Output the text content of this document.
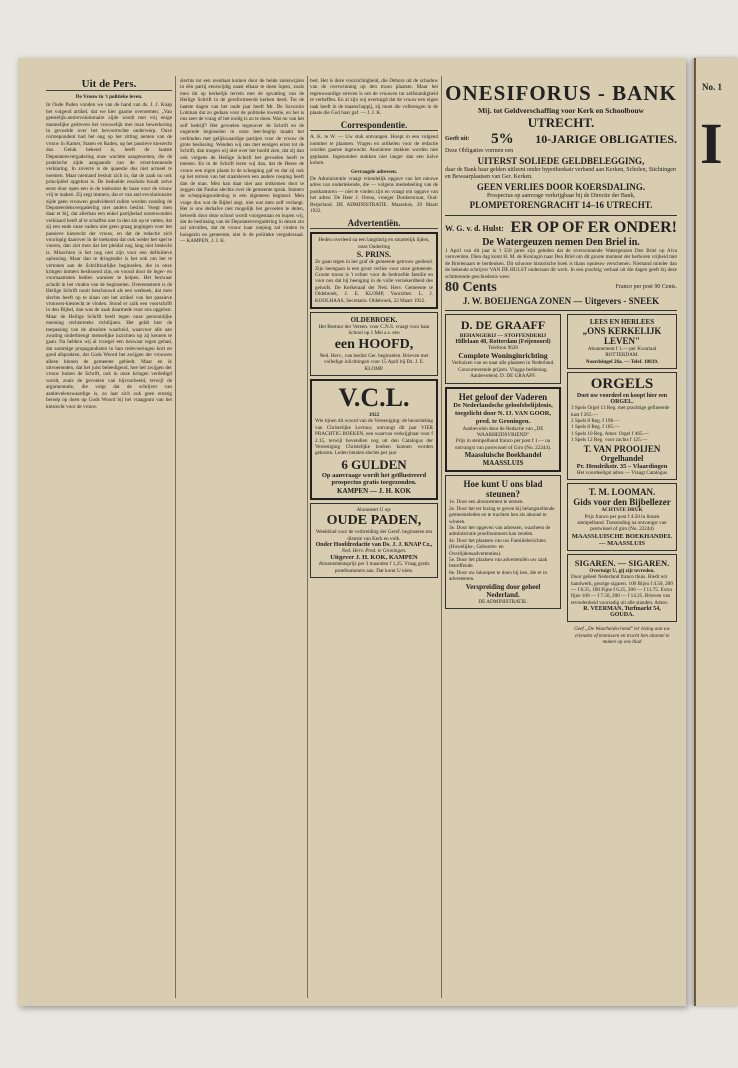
Uit de Pers.
De Vrouw in 't politieke leven.
In Oude Paden vonden we van de hand van ds. J. J. Knap het volgend artikel, dat we hier gaarne overnemen: „Van geestelijk-antirevolutionaire zijde wordt met vrij enige mannelijke gedreven het vrouwelijk met onze bewerkering in gevoelde over het bevoorrechte onderwerp. Onze correspondent had het ong op het zitting nemen van de vrouw in Kamer, Staten en Raden, op het passieve kiesrecht dus. Geluk bekend is, heeft de laatste Deputatensvergadering onze wachtte aangenomen, die de praktische zijde aangaande van de ernst-kennende verklaring. In zoverre is de quaestie dus niet actueel te noemen. Maar niemand besluit zich in, dat de zaak nu ook principiëel opgelost is. De bedoelde resolutie houdt zelve eerst door open een in de toekomst de baan voor de vrouw vrij te maken. Zij zegt immers, dat er van anti-revolutionaire zijde geen vrouwen geadvideerd zullen worden zonding de Deputeerdensvergadering niet anders beslist. Voegt men daar er bij, dat allerhan een enkel partijbelad onomwonden verklaard heeft af te schaffen niet in den zin op te vatten, dat zij een ende onze vaders niet geen graag pogingen voor het passieve kiesrecht der vrouw, en dat de redactie zich voorlopig daarover in de toekomst dat ook weder het spel te voeren, dan ziet men dat het pleidal nog lang niet beslecht is. Misschien is het nog niet zijn voor een definitieve oplossing. Maar dan te dringender is het ook om het te vertonen aan de Schriftuurlijke beginselen, die in onze kringen immers beslissend zijn, en vooral door de leger- en voornaamsten bedien wanneer te helpen. Het bezwaar schuilt in het vinden van de beginselen. Overeenstemt is de Heilige Schrift nooit beschouwd als een wetboek, dat men slechts heeft op te slaan om het artikel van het passieve vrouwen-kiesrecht te vinden. Stond er zulk een voorschrift in den Bijbel, dan was de zaak daarmede voor ons opgelost. Maar de Heilige Schrift heeft tegen onze persoonlijke meening rechtstreeks richtlijnen. Het geldt hier de toepassing van de absolute waarheid, waarvoor alle aan zwaling onderbrengt menselijke inzichten op zij kennen te gaan. Na hebben wij al vroeger een bezwaar tegen gehad, dat sommige propagandisten in hun redevoeringen kort en goed afsprakten, dat Gods Woord het zwijgen der vrouwen alleen binnen de gemeente gebiedt. Maar en ik uitvoerenden, dat het juist beleedigend, hoe het zwijgen der vrouw buiten de Schrift, ook in onze kringen verdedigd wordt, zoals de gevoelen van bijvoorbeeld, terwijl de argumentatie, die volgt dat de schrijver van aanbevelenswaardige is, zo laat zich ook geen ernstig beroep op doen op Gods Woord bij het vraagpunt van het kiesrecht voor de vrouw.
slechts tot een resultaat komen door de beide zienswijzen in één partij eenswijdig naast elkaar te doen lopen, zoals men dit op kerkelijk terrein met de opvatting van de Heilige Schrift in de gereformeerde kerken deed. Tot de laatste dagen van het oude jaar heeft Mr. De Savornin Lohman dat zo gedaan voor de politieke kwestie, en het is ons zeer de vraag of het nodig is zo te doen. Wat nu van het zelf bedrijf? Het gevoelen tegenover de Schrift en de ongerede beginselen in onze leer-begrip maakt het verbinden met gelijkwaardige partijen voor de vrouw de grote beslissing. Wenden wij ons met eenigen ernst tot de Schrift, dan mogen wij niet over het hoofd zien, dat zij dan ook volgens de Heilige Schrift het gevoelen heeft te toetsen. En in de Schrift leren wij dan, dat de Heere de vrouw een eigen plaats in de schepping gaf en dat zij ook op het terrein van het staatsleven een andere roeping heeft dan de man. Men kan daar niet aan ontkomen door te zeggen dat Paulus slechts over de gemeente sprak. Immers de scheppingsordening is een algemeen beginsel. Men vrage dus wat de Bijbel zegt, niet wat men zelf verlangt. Het is ons derhalve niet mogelijk het gevoelen te delen, hetwelk door deze school wordt voorgestaan en hopen wij, dat de beslissing van de Deputatenvergadering in dezen zin zal uitvallen, dat de vrouw haar roeping zal vinden in huisgezin en gemeente, niet in de politieke vergaderzaal. — KAMPEN, J. J. K.
bed. Het is deze voorzichtigheid, die Debora uit de schaduw van de overwinning op den troon plaatste. Maar het tegenwoordige streven is om de vrouwen tot zelfstandigheid te verheffen. En al zijn wij overtuigd dat de vrouw een eigen taak heeft in de maatschappij, zij moet die volbrengen in de plaats die God haar gaf. — J. J. K.
Correspondentie.
A. K. te W. — Uw stuk ontvangen. Hoopt in een volgend nummer te plaatsen. Vragen en artikelen voor de redactie worden gaarne ingewacht. Anonieme stukken worden niet geplaatst. Ingezonden stukken niet langer dan een halve kolom.
Gevraagde adressen.
De Administratie vraagt vriendelijk opgave van het nieuwe adres van ondertekende, die — volgens mededeeling van de postkantoren — niet te vinden zijn en vraagt om opgave van het adres: De Heer J. Oreus, vroeger Donkerstraat, Oud-Beijerland. DE ADMINISTRATIE. Maassluis, 29 Maart 1922.
Advertentiën.
Heden overleed na een langdurig en smartelijk lijden, onze Ouderling
S. PRINS.
Ze gaan tegen in het graf de gemeente getrouw gediend. Zijn heengaan is een groot verlies voor onze gemeente. Groote troost is 't echter voor de bedroefde familie en voor ons dat hij heenging in de volle verzekerdheid des geloofs. De Kerkeraad der Ned. Herv. Gemeente te Oldebroek, J. E. KLOMP, Voorzitter. L. J. KOOLHAAS, Secretaris. Oldebroek, 22 Maart 1922.
OLDEBROEK.
Het Bestuur der Vereen. voor C.N.S. vraagt voor haar School op 1 Mei a.s. een
een HOOFD,
Ned. Herv., van beslist Ger. beginselen. Brieven met volledige inlichtingen voor 15 April bij Ds. J. E. KLOMP.
V.C.L.
1922
Wie tijnen dit woord van de Vereeniging: de beoordeling van Christelijke Lectuur, ontvangt dit jaar VIER PRACHTIG BOEKEN, een waarvan verkrijgbaar voor f 2.15, terwijl bovendien nog uit den Catalogus der Vereeniging Christelijke boeken kunnen worden gekozen. Leden betalen slechts per jaar
6 GULDEN
Op aanvraage wordt het geïllustreerd prospectus gratis toegezonden.
KAMPEN — J. H. KOK
Abonneert U op:
OUDE PADEN,
Weekblad voor de verbreiding der Geref. beginselen ten dienste van Kerk en volk.
Onder Hoofdredactie van Ds. J. J. KNAP Cz.,
Ned. Herv. Pred. te Groningen.
Uitgever J. H. KOK, KAMPEN
Abonnementsprijs per 3 maanden f 1,25. Vraag gratis proefnummers aan. Dat komt U niets.
ONESIFORUS - BANK
Mij. tot Geldverschaffing voor Kerk en Schoolbouw
UTRECHT.
Geeft uit: 5% 10-JARIGE OBLIGATIES.
Deze Obligaties vormen een
UITERST SOLIEDE GELDBELEGGING,
daar de Bank haar gelden uitleent onder hypotheekair verband aan Kerken, Scholen, Stichtingen en Bewaarplaatsen van Ger. Kerken.
GEEN VERLIES DOOR KOERSDALING.
Prospectus op aanvrage verkrijgbaar bij de Directie der Bank,
PLOMPETORENGRACHT 14–16 UTRECHT.
W. G. v. d. Hulst: ER OP OF ER ONDER!
De Watergeuzen nemen Den Briel in.
1 April van dit jaar is 't 350 jaren zijn geleden dat de overwinnende Watergeuzen Den Briel op Alva veroverden. Dien dag komt H. M. de Koningin naar Den Briel om dit groote moment der herboren vrijheid met de Brielenaars te herdenken. Dit schoone historische boek is thans opnieuw verschenen. Niemand minder dan de bekende schrijver VAN DE HULST ondernam dit werk. In een prachtig verhaal uit die dagen geeft hij deze schitterende geschiedenis weer.
80 Cents	Franco per post 90 Cents.
J. W. BOEIJENGA ZONEN — Uitgevers - SNEEK
D. DE GRAAFF
BEHANGERIJ — STOFFENDERIJ
Hillelaan 48, Rotterdam (Feijenoord)
Telefoon 9620
Complete Woninginrichting
Verhuizen van en naar alle plaatsen in Nederland. Concurreerende prijzen. Vlugge bediening. Aanbevelend, D. DE GRAAFF.
Het geloof der Vaderen
De Nederlandsche geloofsbelijdenis, toegelicht door N. IJ. VAN GOOR, pred. te Groningen.
Aanbevolen door de Redactie van „DE WAARHEIDSVRIEND"
Prijs in stempelband franco per post f 1.— na ontvangst van postwissel of Giro (No. 22244).
Maassluische Boekhandel MAASSLUIS
Hoe kunt U ons blad steunen?
1e. Door een abonnement te nemen.
2e. Door het ter lezing te geven bij belangstellende gemeenteleden en te trachten hen als abonné te winnen.
3e. Door het opgeven van adressen, waarheen de administratie proefnummers kan zenden.
4e. Door het plaatsen van uw Familieberichten (Huwelijks-, Geboorte- en Overlijdensadvertenties).
5e. Door het plaatsen van advertentiën uw zaak betreffende.
6e. Door uw inkoopen te doen bij hen, die er in adverteeren.
Verspreiding door geheel Nederland.
DE ADMINISTRATIE.
LEES EN HERLEES
„ONS KERKELIJK LEVEN"
Abonnement f 1.— per Kwartaal ROTTERDAM.
Noordsingel 26a. — Telef. 10839.
ORGELS
Doet uw voordeel en koopt hier een ORGEL.
3 Spels Orgel 13 Reg. met prachtige gefineerde kast f 265.—
2 Spels 8 Reg. f 198.—
1 Spels 8 Reg. f 185.—
1 Spels 10 Reg. Amer. Orgel f 465.—
1 Spels 12 Reg. voor zachts f 125.—
T. VAN PROOIJEN
Orgelhandel
Pr. Hendrikstr. 35 – Vlaardingen
Het voordeeligst adres — Vraagt Catalogus
T. M. LOOMAN.
Gids voor den Bijbellezer
ACHTSTE DRUK
Prijs franco per post f 4.50 in linnen stempelband. Toezending na ontvangst van postwissel of giro (No. 22244)
MAASSLUISCHE BOEKHANDEL — MAASSLUIS
SIGAREN. — SIGAREN.
Overtuigt U, gij zijt tevreden.
Door geheel Nederland franco thuis. Biedt wit handwerk, geurige sigaren. 100 Bijou f 4.50, 200 — f 8.25, 100 Fijne f 6.25, 200 — f 11.75. Extra fijne 100 — f 7.50, 200 — f 14.25. Brieven van tevredenheid voorradig uit alle standen. Adres:
R. VEERMAN, Turfmarkt 54, GOUDA.
Geef „De Waarheidsvriend" ter lezing aan uw vrienden of kennissen en tracht hen abonné te maken op ons blad
No. 1
I
